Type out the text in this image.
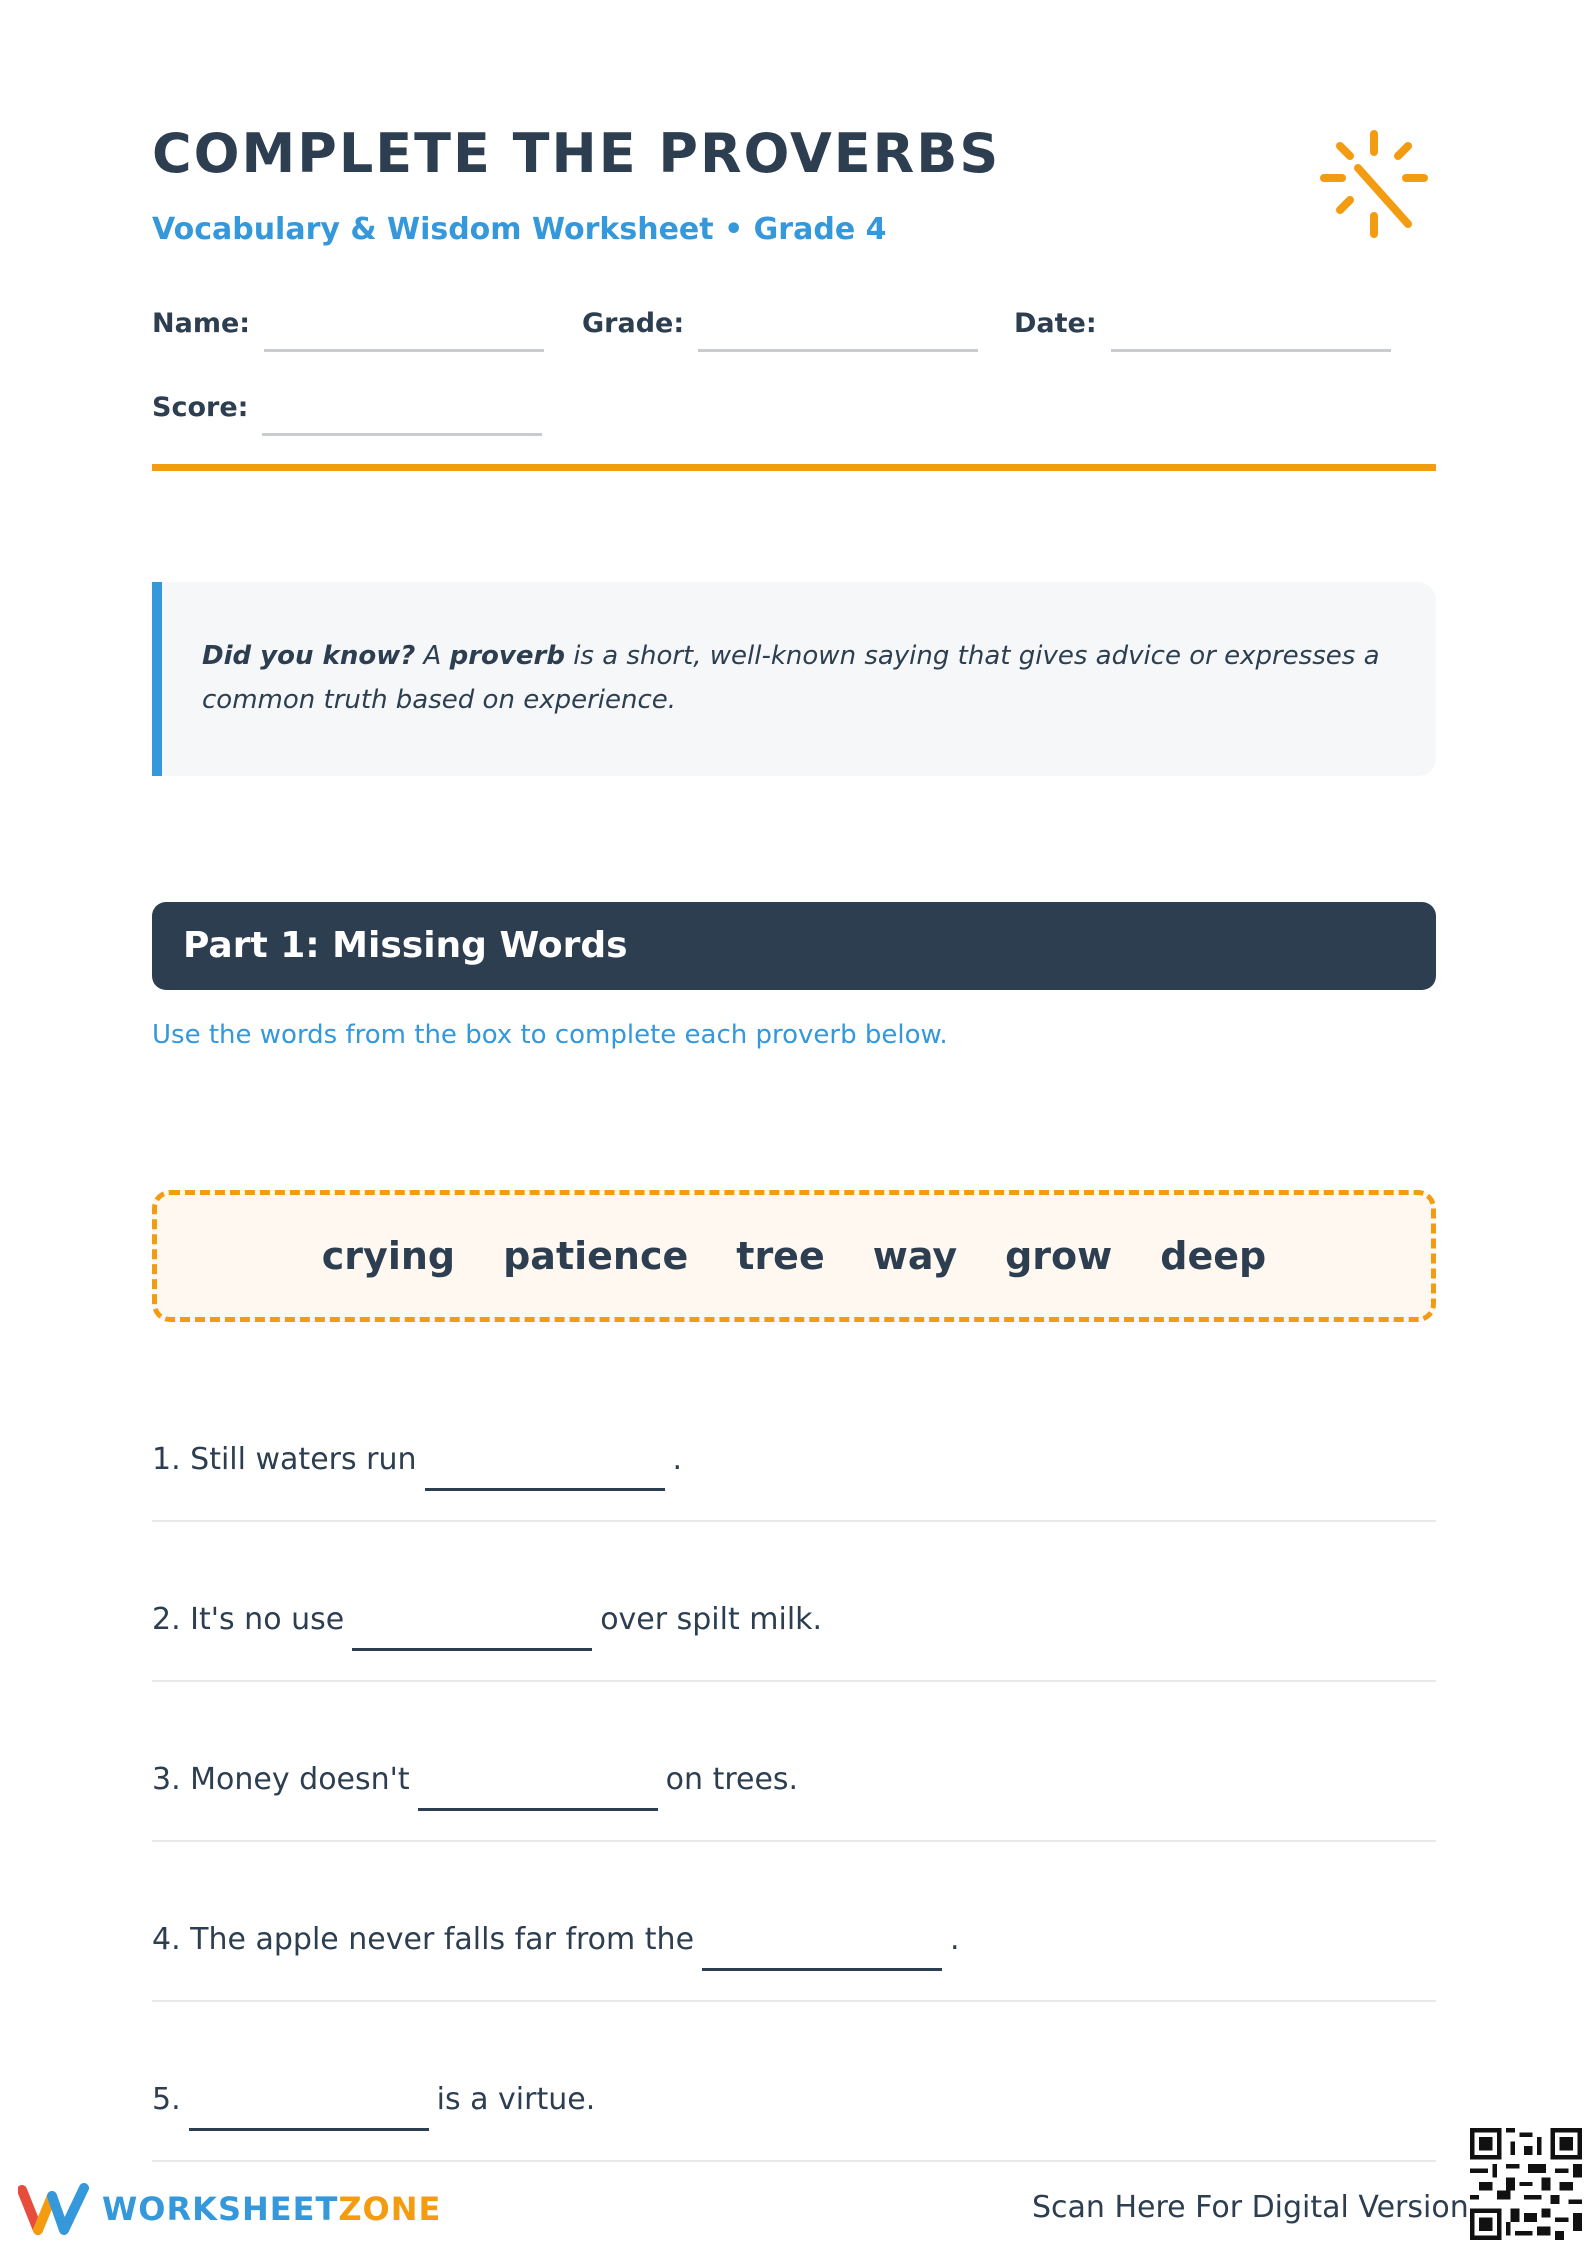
COMPLETE THE PROVERBS
Vocabulary & Wisdom Worksheet • Grade 4
Name:	Grade:	Date:
Score:

Did you know? A proverb is a short, well-known saying that gives advice or expresses a common truth based on experience.

Part 1: Missing Words
Use the words from the box to complete each proverb below.
crying patience tree way grow deep
1. Still waters run	.
2. It's no use	over spilt milk.
3. Money doesn't	on trees.
4. The apple never falls far from the	.
5.	is a virtue.
WORKSHEETZONE	Scan Here For Digital Version
